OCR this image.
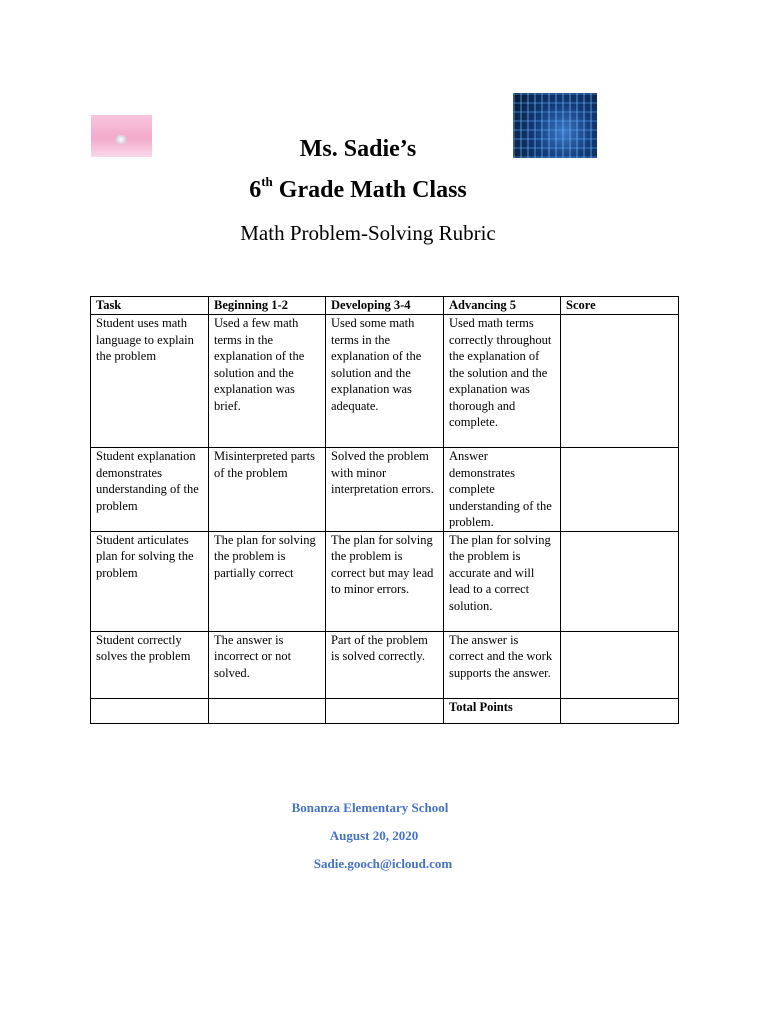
Ms. Sadie’s
6th Grade Math Class
Math Problem-Solving Rubric
Task	Beginning 1-2	Developing 3-4	Advancing 5	Score
Student uses math language to explain the problem	Used a few math terms in the explanation of the solution and the explanation was brief.	Used some math terms in the explanation of the solution and the explanation was adequate.	Used math terms correctly throughout the explanation of the solution and the explanation was thorough and complete.	
Student explanation demonstrates understanding of the problem	Misinterpreted parts of the problem	Solved the problem with minor interpretation errors.	Answer demonstrates complete understanding of the problem.	
Student articulates plan for solving the problem	The plan for solving the problem is partially correct	The plan for solving the problem is correct but may lead to minor errors.	The plan for solving the problem is accurate and will lead to a correct solution.	
Student correctly solves the problem	The answer is incorrect or not solved.	Part of the problem is solved correctly.	The answer is correct and the work supports the answer.	
			Total Points	
Bonanza Elementary School
August 20, 2020
Sadie.gooch@icloud.com
